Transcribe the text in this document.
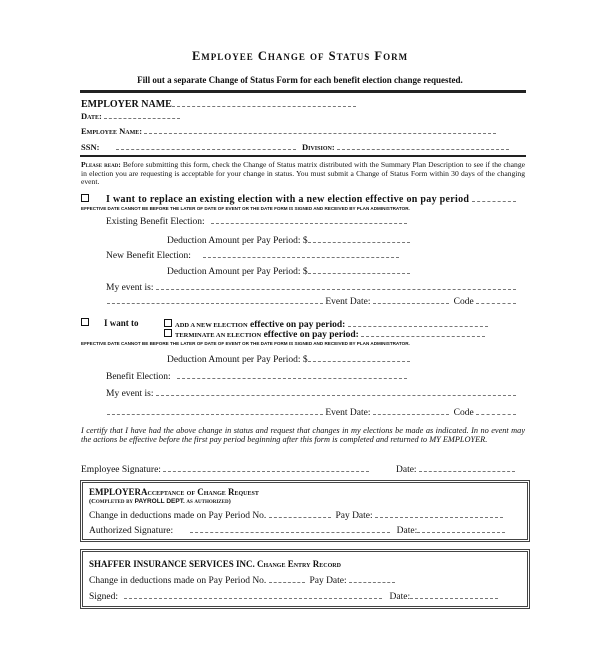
Employee Change of Status Form
Fill out a separate Change of Status Form for each benefit election change requested.
EMPLOYER NAME
Date:
Employee Name:
SSN:	Division:
Please read: Before submitting this form, check the Change of Status matrix distributed with the Summary Plan Description to see if the change in election you are requesting is acceptable for your change in status. You must submit a Change of Status Form within 30 days of the changing event.
I want to replace an existing election with a new election effective on pay period
EFFECTIVE DATE CANNOT BE BEFORE THE LATER OF DATE OF EVENT OR THE DATE FORM IS SIGNED AND RECEIVED BY PLAN ADMINISTRATOR.
Existing Benefit Election:
Deduction Amount per Pay Period: $
New Benefit Election:
Deduction Amount per Pay Period: $
My event is:
Event Date:	Code
I want to	ADD A NEW ELECTION effective on pay period:
TERMINATE AN ELECTION effective on pay period:
EFFECTIVE DATE CANNOT BE BEFORE THE LATER OF DATE OF EVENT OR THE DATE FORM IS SIGNED AND RECEIVED BY PLAN ADMINISTRATOR.
Deduction Amount per Pay Period: $
Benefit Election:
My event is:
Event Date:	Code
I certify that I have had the above change in status and request that changes in my elections be made as indicated. In no event may the actions be effective before the first pay period beginning after this form is completed and returned to MY EMPLOYER.
Employee Signature:	Date:
EMPLOYERAcceptance of Change Request
(Completed by PAYROLL DEPT. as authorized)
Change in deductions made on Pay Period No.	Pay Date:
Authorized Signature:	Date:
SHAFFER INSURANCE SERVICES INC. Change Entry Record
Change in deductions made on Pay Period No.	Pay Date:
Signed:	Date:
